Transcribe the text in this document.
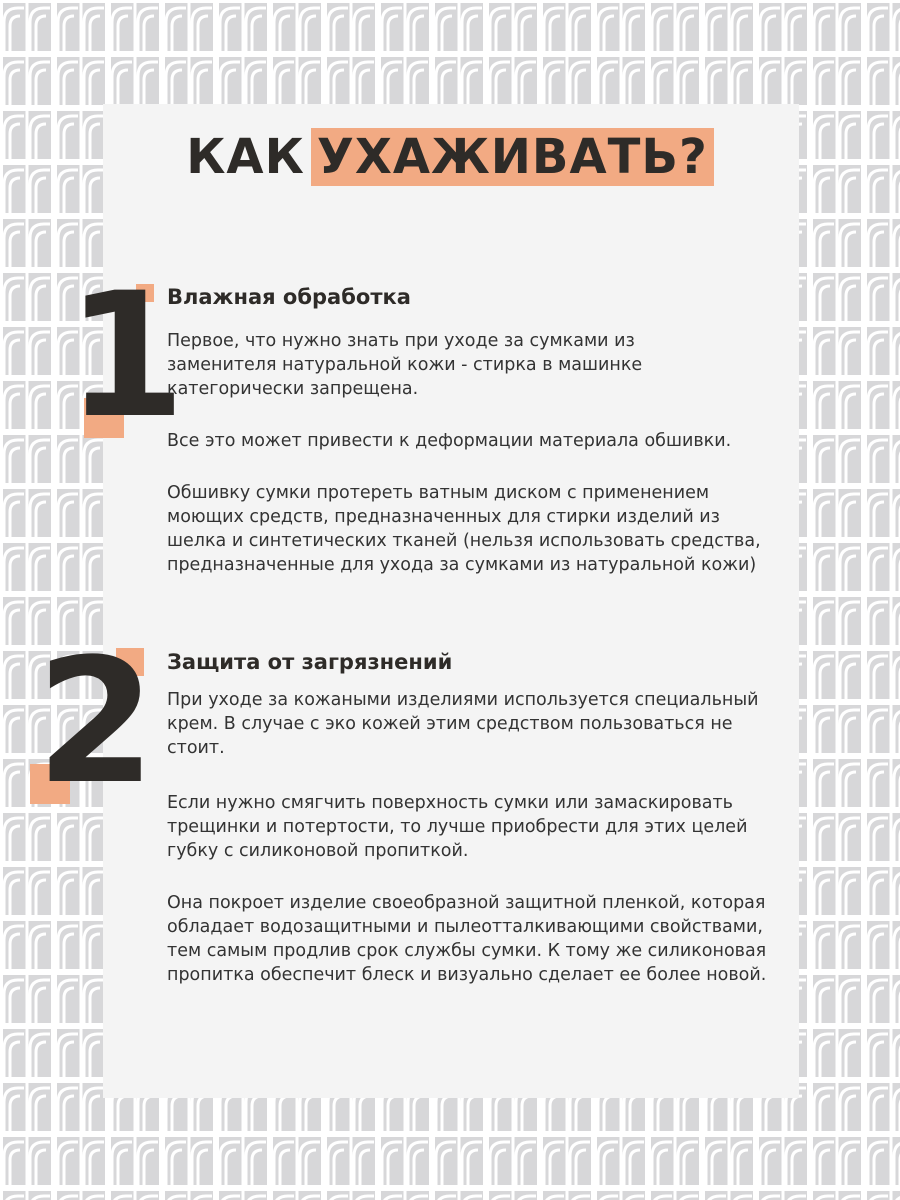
КАК УХАЖИВАТЬ?
1
Влажная обработка

Первое, что нужно знать при уходе за сумками из заменителя натуральной кожи - стирка в машинке категорически запрещена.

Все это может привести к деформации материала обшивки.

Обшивку сумки протереть ватным диском с применением моющих средств, предназначенных для стирки изделий из шелка и синтетических тканей (нельзя использовать средства, предназначенные для ухода за сумками из натуральной кожи)

2 Защита от загрязнений

При уходе за кожаными изделиями используется специальный крем. В случае с эко кожей этим средством пользоваться не стоит.

Если нужно смягчить поверхность сумки или замаскировать трещинки и потертости, то лучше приобрести для этих целей губку с силиконовой пропиткой.

Она покроет изделие своеобразной защитной пленкой, которая обладает водозащитными и пылеотталкивающими свойствами, тем самым продлив срок службы сумки. К тому же силиконовая пропитка обеспечит блеск и визуально сделает ее более новой.
